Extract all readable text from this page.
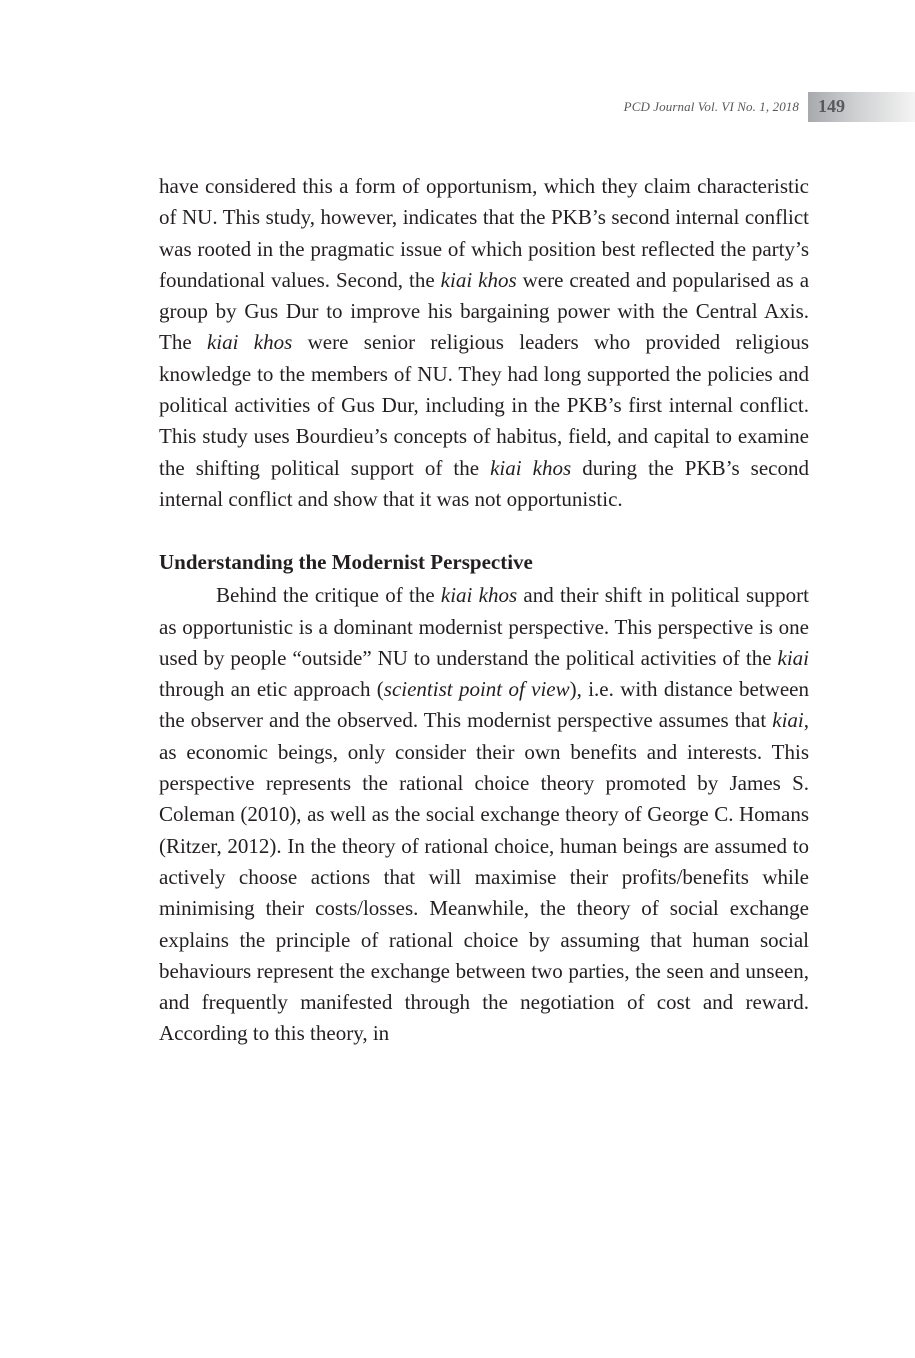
PCD Journal Vol. VI No. 1, 2018 149

have considered this a form of opportunism, which they claim characteristic of NU. This study, however, indicates that the PKB’s second internal conflict was rooted in the pragmatic issue of which position best reflected the party’s foundational values. Second, the kiai khos were created and popularised as a group by Gus Dur to improve his bargaining power with the Central Axis. The kiai khos were senior religious leaders who provided religious knowledge to the members of NU. They had long supported the policies and political activities of Gus Dur, including in the PKB’s first internal conflict. This study uses Bourdieu’s concepts of habitus, field, and capital to examine the shifting political support of the kiai khos during the PKB’s second internal conflict and show that it was not opportunistic.

Understanding the Modernist Perspective

Behind the critique of the kiai khos and their shift in political support as opportunistic is a dominant modernist perspective. This perspective is one used by people “outside” NU to understand the political activities of the kiai through an etic approach (scientist point of view), i.e. with distance between the observer and the observed. This modernist perspective assumes that kiai, as economic beings, only consider their own benefits and interests. This perspective represents the rational choice theory promoted by James S. Coleman (2010), as well as the social exchange theory of George C. Homans (Ritzer, 2012). In the theory of rational choice, human beings are assumed to actively choose actions that will maximise their profits/benefits while minimising their costs/losses. Meanwhile, the theory of social exchange explains the principle of rational choice by assuming that human social behaviours represent the exchange between two parties, the seen and unseen, and frequently manifested through the negotiation of cost and reward. According to this theory, in
